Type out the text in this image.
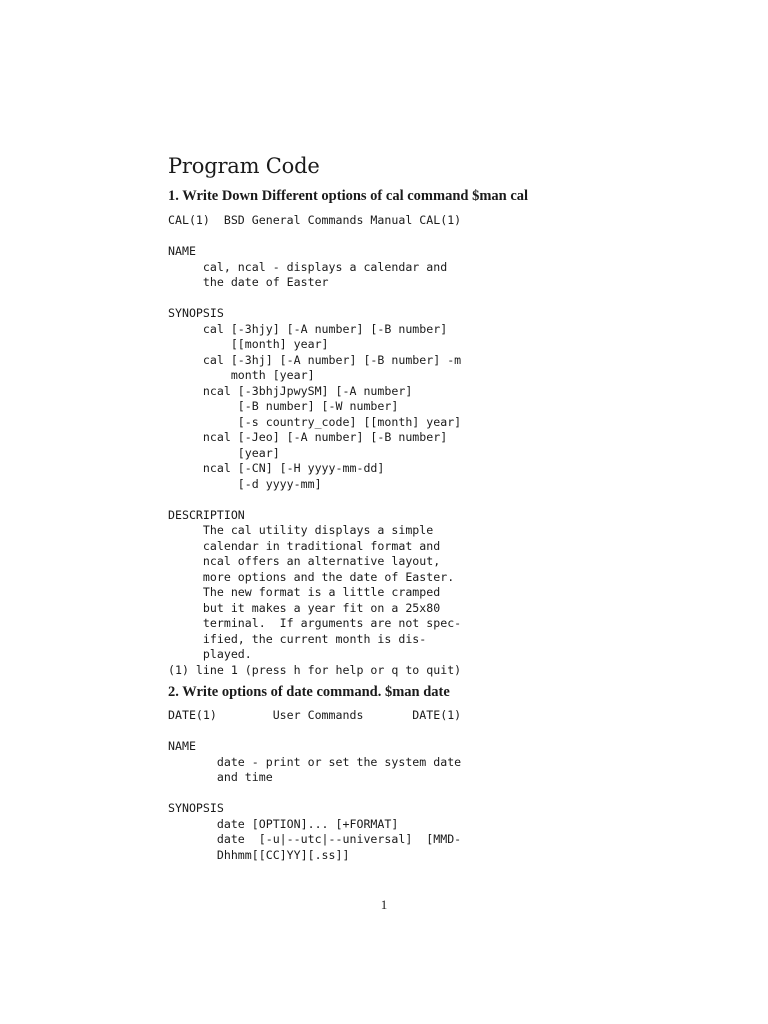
Program Code
1. Write Down Different options of cal command $man cal
CAL(1)  BSD General Commands Manual CAL(1)

NAME
cal, ncal - displays a calendar and
the date of Easter

SYNOPSIS
cal [-3hjy] [-A number] [-B number]
[[month] year]
cal [-3hj] [-A number] [-B number] -m
month [year]
ncal [-3bhjJpwySM] [-A number]
[-B number] [-W number]
[-s country_code] [[month] year]
ncal [-Jeo] [-A number] [-B number]
[year]
ncal [-CN] [-H yyyy-mm-dd]
[-d yyyy-mm]

DESCRIPTION
The cal utility displays a simple
calendar in traditional format and
ncal offers an alternative layout,
more options and the date of Easter.
The new format is a little cramped
but it makes a year fit on a 25x80
terminal.  If arguments are not spec-
ified, the current month is dis-
played.
(1) line 1 (press h for help or q to quit)
2. Write options of date command. $man date
DATE(1)        User Commands       DATE(1)

NAME
date - print or set the system date
and time

SYNOPSIS
date [OPTION]... [+FORMAT]
date  [-u|--utc|--universal]  [MMD-
Dhhmm[[CC]YY][.ss]]
1
